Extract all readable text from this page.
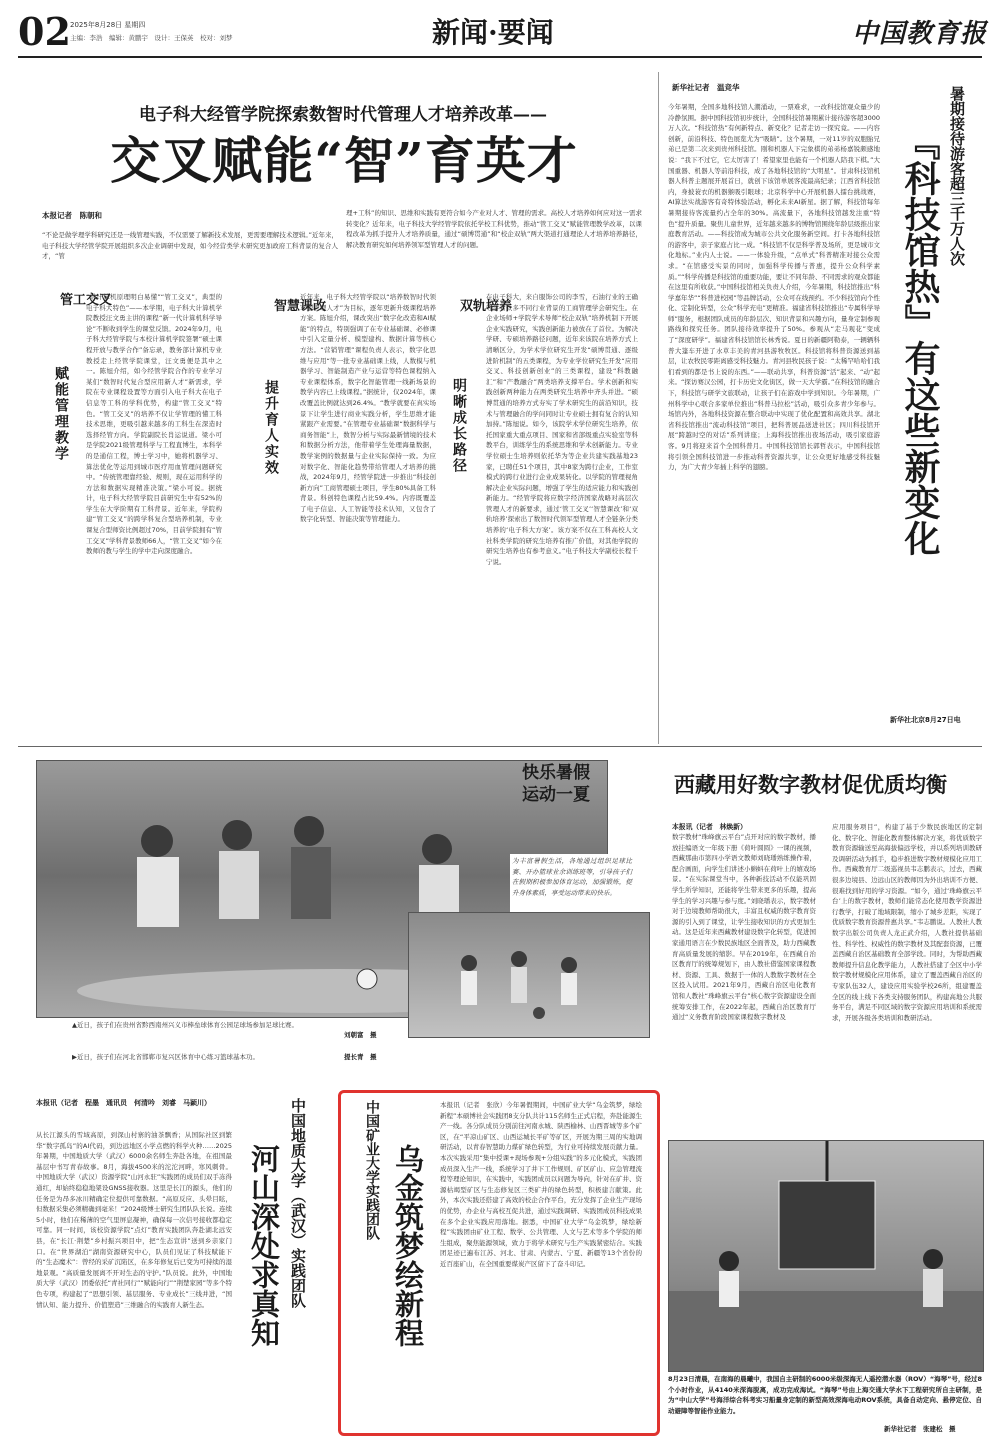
02 2025年8月28日 星期四
主编：李浩　编辑：黄鹏宇　设计：王保英　校对：刘梦	新闻·要闻	中国教育报
电子科大经管学院探索数智时代管理人才培养改革——
交叉赋能“智”育英才
本报记者　陈朝和
“不论是做学理学科研究还是一线管理实践，不仅需要了解新技术发展，更需要理解技术逻辑。”近年来，电子科技大学经管学院开展组织多次企业调研中发现，如今经营类学术研究更加政府工科背景的复合人才，“管
理+工科”的知识、思维和实践有更符合如今产业对人才、管理的需求。高校人才培养如何应对这一需求转变化？近年来，电子科技大学经管学院依托学校工科优势，推动“管工交叉”赋能管理教学改革，以课程改革为抓手提升人才培养质量，通过“硕博贯通”和“校企双轨”两大渠道打通理论人才培养培养路径，解决教育研究如何培养领军型管理人才的问题。
管工交叉
赋能管理教学
“讲计算机原理明白易懂”“管工交叉”，典型的电子科大特色”——本学期，电子科大计算机学院教授汪文勇主讲的课程“新一代计算机科学导论”不断收到学生的课堂反馈。2024年9月，电子科大经管学院与本校计算机学院签署“硕士课程开放与教学合作”备忘录，教务部计算机专业教授走上经管学院课堂，汪文勇便是其中之一。陈旭介绍，如今经管学院合作的专业学习某们“数智时代复合型应用新人才”新需求，学院在专业课程设置等方面引入电子科大在电子信息等工科的学科优势，构建“管工交叉”特色。“管工交叉”的培养不仅让学管理的懂工科技术思维，更吸引越来越多的工科生在深造时选择经管方向。学院副院长肖运说道。梁小可是学院2021级管理科学与工程直博生，本科学的是通信工程，博士学习中，她将机器学习、算法优化等运用到城市医疗用血管理问题研究中。“传统管理靠经验、规则，现在运用科学的方法和数据实现精准决策。”梁小可说。据统计，电子科大经管学院目前研究生中有52%的学生在大学阶期有工科背景。近年来，学院构建“管工交叉”的跨学科复合型培养机制，专业课复合型师资比例超过70%，目前学院拥有“管工交叉”学科背景教师66人，“管工交叉”如今在教师的教与学生的学中走向深度融合。
智慧课改
提升育人实效
近年来，电子科大经管学院以“培养数智时代领军型管理人才”为目标，逐年更新升级课程培养方案。陈旭介绍，课改突出“数字化改造和AI赋能”的特点，特别强调了在专业基础课、必修课中引入定量分析、模型建构、数据计算等核心方法。“营销管理”课程负责人表示，数字化思维与应用“等一批专业基础课上线，人数模与机器学习、智能制造产业与运营等特色课程纳入专业课程体系，数字化智能管理一线新场景的教学内容已上线课程。”据统计，仅2024年，课改覆盖比例就达到26.4%。“教学就要在真实场景下让学生进行商业实践分析，学生思维才能紧跟产业需要。”在管理专业基础课“数据科学与商务智能”上，数智分析与实际最新情境的技术和数据分析方法，他带着学生处理海量数据，教学案例的数据量与企业实际保持一致。为应对数字化、智能化趋势带给管理人才培养的挑战，2024年9月，经管学院进一步推出“科技创新方向”工商管理硕士项目，学生80%具备工科背景。科创特色课程占比59.4%。内容既覆盖了电子信息、人工智能等技术认知，又包含了数字化转型、智能决策等管理能力。
双轨培养
明晰成长路径
在电子科大，来自服饰公司的李雪，石油行业的王确等学者众多不同行业背景的工商管理学会研究生。在企业场师+学院学术导师“校企双轨”培养机制下开展企业实践研究，实践创新能力被放在了首位。为解决学研、专硕培养路径问题，近年来该院在培养方式上清晰区分，为学术学位研究生开发“硕博贯通、逐级进阶机制”的五类课程，为专业学位研究生开发“应用交叉、科技创新创业”的三类课程，建设“科教融汇”和“产教融合”两类培养支撑平台。学术创新和实践创新两种能力在两类研究生培养中齐头并进。“硕博贯通的培养方式夯实了学术研究生的前沿知识，技术与管理融合的学问同时让专业硕士拥有复合的认知加持。”陈旭说。如今，该院学术学位研究生培养，依托国家重大重点项目、国家和省部级重点实验室等科教平台，训练学生的系统思维和学术创新能力。专业学位硕士生培养则依托华为等企业共建实践基地23家，已聘任51个项目，其中8家为跨行企业，工作室模式的跨行业进行企业成果转化。以学院的管理视角解决企业实际问题，增强了学生的适应能力和实践创新能力。“经管学院将应数字经济国家战略对高层次管理人才的新要求，通过‘管工交叉’‘智慧课改’和‘双轨培养’探索出了数智时代领军型管理人才全链条分类培养的‘电子科大方案’。该方案不仅在工科高校人文社科类学院的研究生培养有推广价值，对其他学院的研究生培养也有参考意义。”电子科技大学副校长程千宁说。
新华社记者　温竞华
今年暑期，全国多地科技馆人潮涌动，一票难求，一改科技馆观众量少的冷静氛围。据中国科技馆初步统计，全国科技馆暑期累计接待游客超3000万人次。“科技馆热”有何新特点、新变化？记者走访一探究竟。——内容创新，前沿科技、特色展览尤为“吸睛”。这个暑期，一对11岁的双胞胎兄弟已是第二次来到贵州科技馆。刚和机器人下完象棋的弟弟杨嘉锐颇感地说：“我下不过它，它太厉害了！希望家里也能有一个机器人陪我下棋。”大国重器、机器人等前沿科技，成了各地科技馆的“大明星”。甘肃科技馆机器人科普主题展开展首日，就创下该馆单展客流最高纪录；江西省科技馆内，身披蓑衣的机器猴吸引眼球；北京科学中心开展机器人擂台挑战赛，AI算法实战游客有奇特体验活动，孵化未来AI新星。据了解，科技馆每年暑期接待客流量约占全年的30%。高流量下，各地科技馆越发注重“特色”提升质量。聚焦儿童世界，近年越来越多的博物馆围绕年龄层级推出家庭教育活动。——科技馆成为城市公共文化服务新空间。打卡各地科技馆的游客中，亲子家庭占比一成。“科技馆不仅是科学普及场所，更是城市文化地标。”业内人士说。——一体验升级，“点单式”科普精准对接公众需求。“在馆感受实景的同时，加强科学传播与普惠，提升公众科学素质。”“科学传播是科技馆的重要功能，要让不同年龄、不同需求的观众都能在这里有所收获。”中国科技馆相关负责人介绍，今年暑期，科技馆推出“科学嘉年华”“科普进校园”等品牌活动，公众可在线预约。不少科技馆向个性化、定制化转型，公众“科学充电”更精准。福建省科技馆推出“专属科学导师”服务，根据团队成员的年龄层次、知识背景和兴趣方向，量身定制参观路线和探究任务。团队接待效率提升了50%。参观从“走马观花”变成了“深度研学”。福建省科技馆馆长林秀说。夏日的新疆阿勒泰，一辆辆科普大篷车开进了水草丰美的青河县游牧牧区。科技馆将科普资源送到基层，让农牧民零距离感受科技魅力。青河县牧民孩子说：“太稀罕哈哈们我们看到的都是书上说的东西。”——联动共享，科普资源“活”起来、“动”起来。“探访赛汉公园，打卡历史文化街区，做一天大学霸。”在科技馆的融合下，科技馆与研学文旅联动，让孩子们在游戏中学到知识。今年暑期，广州科学中心联合多家单位推出“科普马拉松”活动，吸引众多青少年参与。场馆内外，各地科技资源在整合联动中实现了优化配置和高效共享。湖北省科技馆推出“流动科技馆”项目，把科普展品送进社区；四川科技馆开展“跨越时空的对话”系列讲座；上海科技馆推出夜场活动，吸引家庭游客。9月将迎来首个全国科普月。中国科技馆馆长郭哲表示，中国科技馆将引领全国科技馆进一步推动科普资源共享，让公众更好地感受科技魅力，为广大青少年插上科学的翅膀。
新华社北京8月27日电
暑期接待游客超三千万人次
『科技馆热』有这些新变化
快乐暑假
运动一夏
为丰富暑假生活，各地通过组织足球比赛、开办篮球业余训练班等，引导孩子们在假期积极参加体育运动，加强锻炼，提升身体素质，享受运动带来的快乐。
▲近日，孩子们在贵州省黔西南州兴义市棒垒球体育公园足球场参加足球比赛。
刘朝富　摄
▶近日，孩子们在河北省邯郸市复兴区体育中心练习篮球基本功。	提长青　摄
西藏用好数字教材促优质均衡
本报讯（记者　林焕新）
数字教材“珠峰旗云平台”点开对应的数字教材，播放挂编语文一年级下册《荷叶圆圆》一课的视频，西藏那曲市第四小学语文教师刘晓璠熟练操作着，配合画面，向学生们讲述小蝌蚪在荷叶上的嬉戏场景。“在实际课堂当中，各种新技活动不仅能巩固学生所学知识，还能将学生带来更多的乐趣，提高学生的学习兴趣与参与度。”刘晓璠表示，数字教材对于边境教师帮助很大，丰富且权威的数字教育资源的引入到了课堂，让学生接收知识的方式更加生动。这是近年来西藏教材建设数字化转型，促进国家通用语言在少数民族地区全面普及，助力西藏教育高质量发展的缩影。早在2019年，在西藏自治区教育厅的统筹规划下，由人教社借鉴国家课程教材、资源、工具、数据于一体的人教数字教材在全区投入试用。2021年9月，西藏自治区电化教育馆和人教社“珠峰旗云平台”核心数字资源建设全面统筹安排工作，在2022年起，西藏自治区教育厅通过“义务教育阶段国家课程数字教材及
应用服务项目”，构建了基于少数民族地区的定制化、数字化、智能化教育整体解决方案，将优质数字教育资源输送至高海拔偏远学校，并以系列培训教研及调研活动为抓手，稳步推进数字教材规模化应用工作。西藏教育厅二级巡视员韦志鹏表示，过去，西藏很多边境县、边远山区的教师因为外出培训不方便、很难找到好用的学习资源。“如今，通过‘珠峰旗云平台’上的数字教材，教师们能常态化使用教学资源进行教学，打破了地域限制，缩小了城乡差距，实现了优质数字教育资源普惠共享。”韦志鹏说。人教社人教数字出版公司负责人龙正武介绍，人教社提供基础性、科学性、权威性的数字教材及其配套资源，已覆盖西藏自治区基础教育全部学段。同时，为帮助西藏教师提升信息化教学能力，人教社搭建了全区中小学数字教材规模化应用体系，建立了覆盖西藏自治区的专家队伍32人，建设应用实验学校26所，组建覆盖全区的线上线下各类支持服务团队，构建高地公共服务平台，满足不同区域的数字资源应用培训和系统需求，开展各级各类培训和教研活动。
本报讯（记者　程墨　通讯员　何清吟　刘睿　马颖川）
从长江源头的雪域高原，到深山村寨的油茶飘香；从国际社区到繁华“数字孤岛”的AI代码，到边远地区小学点燃的科学火种……2025年暑期，中国地质大学（武汉）6000余名师生奔赴各地，在祖国最基层中书写青春故事。8月，海拔4500米的沱沱河畔，寒风刺骨。中国地质大学（武汉）资源学院“山河永驻”实践团的成员们双手冻得通红，却始终稳稳地架设GNSS接收器。这里是长江的源头，他们的任务是为昂多冰川精确定位提供可靠数据。“高原反应、头晕目眩，但数据采集必须精确到毫米！”2024级博士研究生团队队长说。连续5小时，他们在稀薄的空气里屏息凝神，确保每一次信号接收都稳定可靠。同一时间，该校资源学院“点灯”教育实践团队奔赴湖北远安县，在“长江·荆楚”乡村振兴项目中，把“生态宣讲”送到乡亲家门口。在“世界湖泊”湖南资源研究中心，队员们见证了科技赋能下的“生态魔术”：曾经的采矿沉陷区，在多年修复后已变为可持续的湿地景观。“高质量发展离不开对生态的守护。”队员说。此外，中国地质大学（武汉）团委依托“青社同行”“赋能向行”“荆楚家园”等多个特色专项，构建起了“思想引领、基层服务、专业成长”三线并进，“国情认知、能力提升、价值塑造”三维融合的实践育人新生态。	中国地质大学（武汉）实践团队
河山深处求真知	中国矿业大学实践团队 乌金筑梦绘新程
本报讯（记者　张欣）今年暑假期间，中国矿业大学“乌金筑梦，绿绘新程”本硕博社会实践团8支分队共计115名师生正式启程，奔赴能源生产一线。各分队成员分别前往河南永城、陕西榆林、山西晋城等多个矿区，在“平凉山矿区、山西运城长平矿等矿区，开展为期三周的实地调研活动，以青春智慧助力煤矿绿色转型，为行业可持续发展贡献力量。本次实践采用“集中授课+现场参观+分组实践”的多元化模式，实践团成员深入生产一线，系统学习了井下工作规则、矿区矿山、应急管理流程等理论知识，在实践中，实践团成员以问题为导向，针对在矿井、资源枯竭型矿区与生态修复区三类矿井的绿色转型，积极建言献策。此外，本次实践还搭建了高效的校企合作平台，充分发挥了企业生产现场的优势，办企业与高校互促共进，通过实践调研、实践团成员科技成果在多个企业实践应用落地。据悉，中国矿业大学“乌金筑梦，绿绘新程”实践团由矿业工程、数学、公共管理、人文与艺术等多个学院的师生组成，聚焦能源领域，致力于将学术研究与生产实践紧密结合。实践团足迹已遍布江苏、河北、甘肃、内蒙古、宁夏、新疆等13个省份的近百座矿山，在全国重要煤炭产区留下了奋斗印记。
8月23日清晨，在南海的晨曦中，我国自主研制的6000米级深海无人遥控潜水器（ROV）“海琴”号，经过8个小时作业，从4140米深海脱离，成功完成海试。“海琴”号由上海交通大学水下工程研究所自主研制，是为“中山大学”号海洋综合科考实习船量身定制的新型高效深海电动ROV系统，具备自动定向、悬停定位、自动避障等智能作业能力。
新华社记者　张建松　摄
